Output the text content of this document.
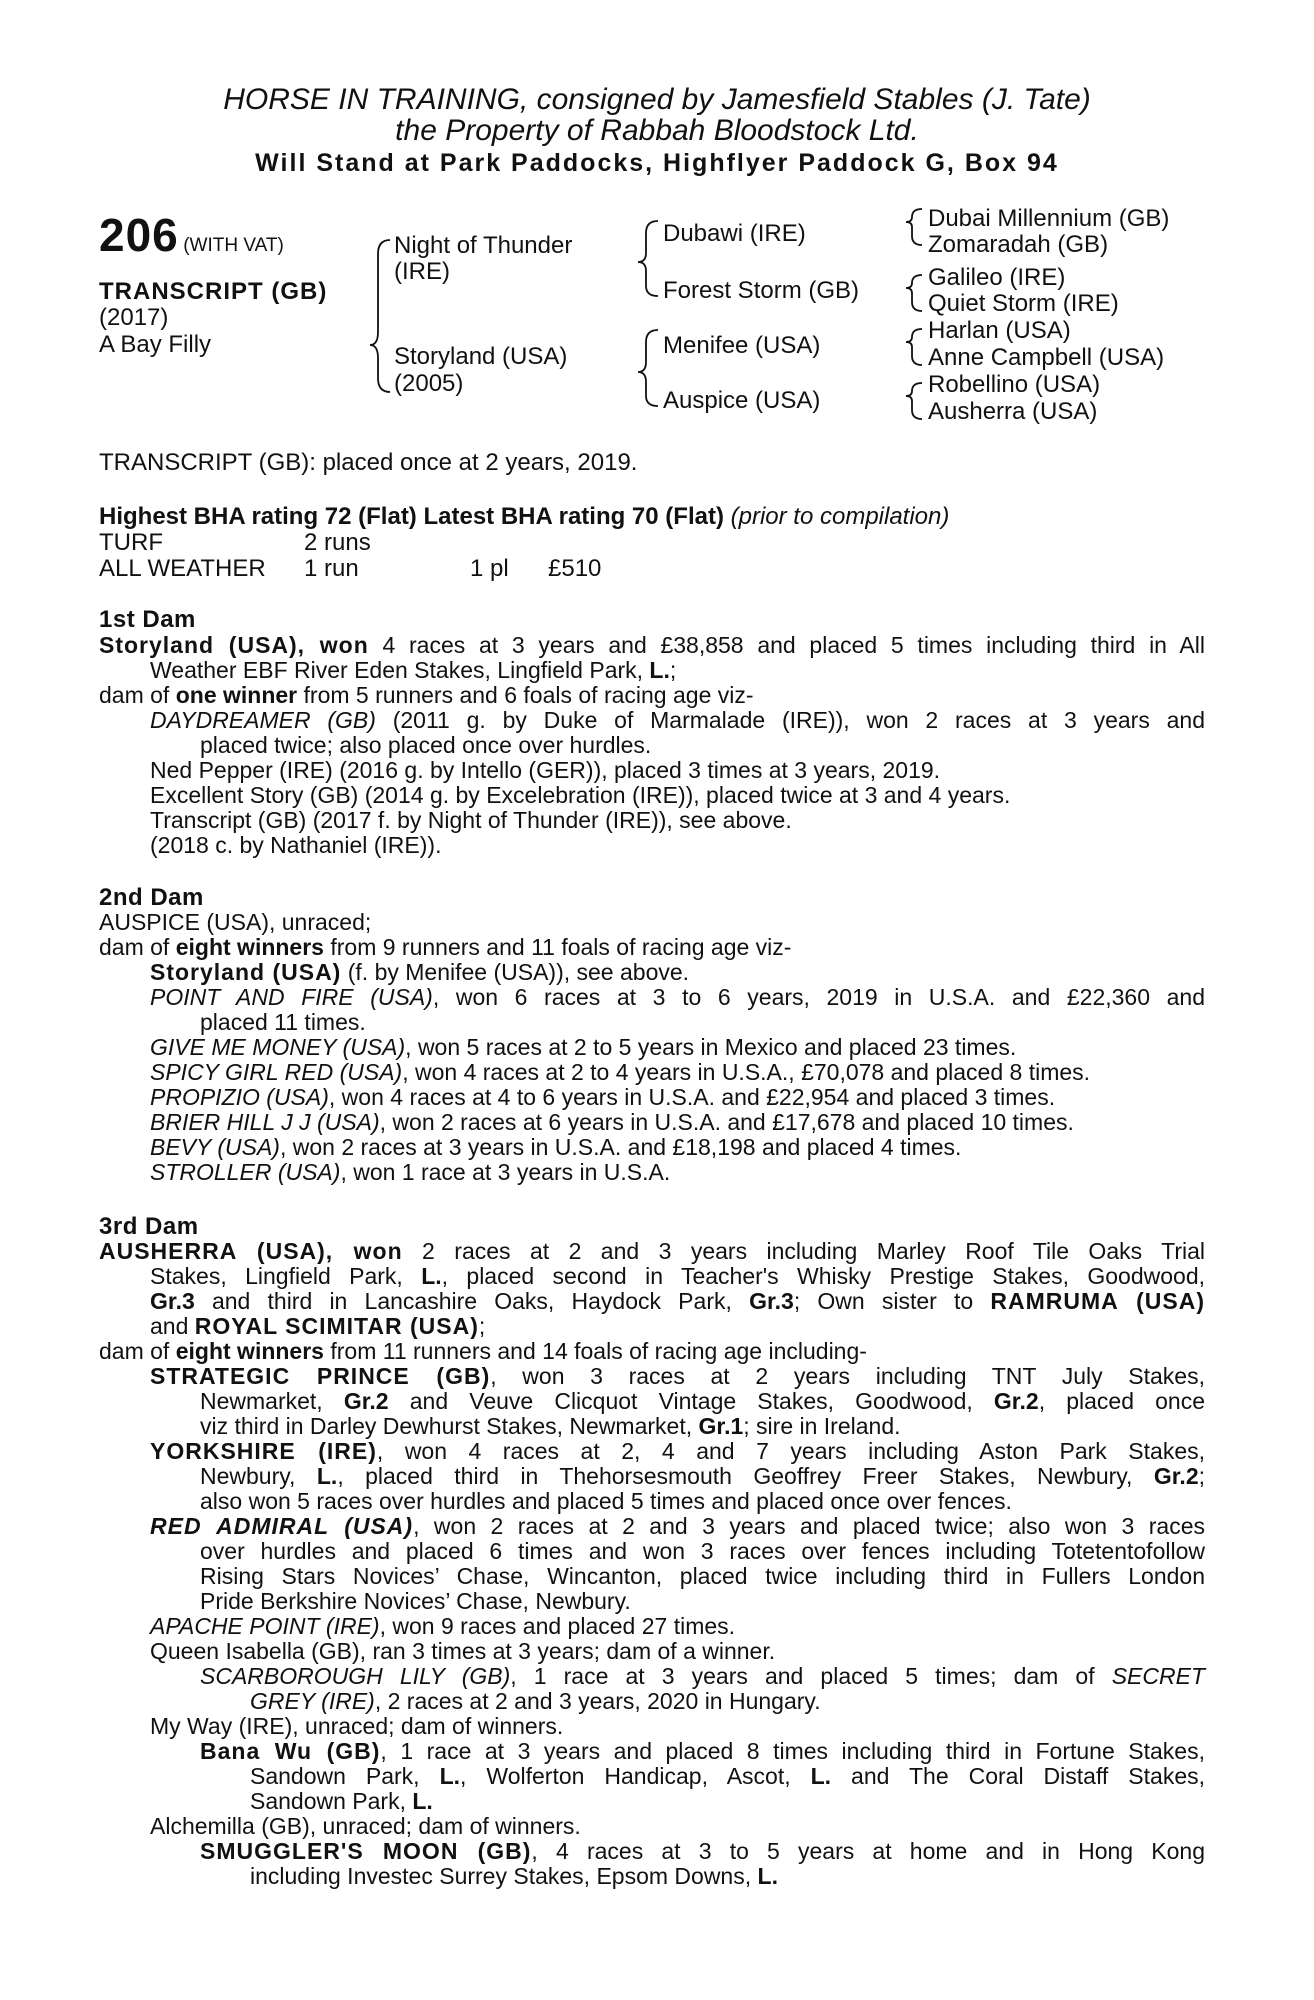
HORSE IN TRAINING, consigned by Jamesfield Stables (J. Tate)
the Property of Rabbah Bloodstock Ltd.
Will Stand at Park Paddocks, Highflyer Paddock G, Box 94
206 (WITH VAT)
TRANSCRIPT (GB)
(2017)
A Bay Filly
Night of Thunder
(IRE)
Storyland (USA)
(2005)
Dubawi (IRE)
Forest Storm (GB)
Menifee (USA)
Auspice (USA)
Dubai Millennium (GB)
Zomaradah (GB)
Galileo (IRE)
Quiet Storm (IRE)
Harlan (USA)
Anne Campbell (USA)
Robellino (USA)
Ausherra (USA)
TRANSCRIPT (GB): placed once at 2 years, 2019.
Highest BHA rating 72 (Flat) Latest BHA rating 70 (Flat) (prior to compilation)
TURF	2 runs
ALL WEATHER 1 run	1 pl £510
1st Dam
Storyland (USA), won 4 races at 3 years and £38,858 and placed 5 times including third in All
Weather EBF River Eden Stakes, Lingfield Park, L.;
dam of one winner from 5 runners and 6 foals of racing age viz-
DAYDREAMER (GB) (2011 g. by Duke of Marmalade (IRE)), won 2 races at 3 years and
placed twice; also placed once over hurdles.
Ned Pepper (IRE) (2016 g. by Intello (GER)), placed 3 times at 3 years, 2019.
Excellent Story (GB) (2014 g. by Excelebration (IRE)), placed twice at 3 and 4 years.
Transcript (GB) (2017 f. by Night of Thunder (IRE)), see above.
(2018 c. by Nathaniel (IRE)).
2nd Dam
AUSPICE (USA), unraced;
dam of eight winners from 9 runners and 11 foals of racing age viz-
Storyland (USA) (f. by Menifee (USA)), see above.
POINT AND FIRE (USA), won 6 races at 3 to 6 years, 2019 in U.S.A. and £22,360 and
placed 11 times.
GIVE ME MONEY (USA), won 5 races at 2 to 5 years in Mexico and placed 23 times.
SPICY GIRL RED (USA), won 4 races at 2 to 4 years in U.S.A., £70,078 and placed 8 times.
PROPIZIO (USA), won 4 races at 4 to 6 years in U.S.A. and £22,954 and placed 3 times.
BRIER HILL J J (USA), won 2 races at 6 years in U.S.A. and £17,678 and placed 10 times.
BEVY (USA), won 2 races at 3 years in U.S.A. and £18,198 and placed 4 times.
STROLLER (USA), won 1 race at 3 years in U.S.A.
3rd Dam
AUSHERRA (USA), won 2 races at 2 and 3 years including Marley Roof Tile Oaks Trial
Stakes, Lingfield Park, L., placed second in Teacher's Whisky Prestige Stakes, Goodwood,
Gr.3 and third in Lancashire Oaks, Haydock Park, Gr.3; Own sister to RAMRUMA (USA)
and ROYAL SCIMITAR (USA);
dam of eight winners from 11 runners and 14 foals of racing age including-
STRATEGIC PRINCE (GB), won 3 races at 2 years including TNT July Stakes,
Newmarket, Gr.2 and Veuve Clicquot Vintage Stakes, Goodwood, Gr.2, placed once
viz third in Darley Dewhurst Stakes, Newmarket, Gr.1; sire in Ireland.
YORKSHIRE (IRE), won 4 races at 2, 4 and 7 years including Aston Park Stakes,
Newbury, L., placed third in Thehorsesmouth Geoffrey Freer Stakes, Newbury, Gr.2;
also won 5 races over hurdles and placed 5 times and placed once over fences.
RED ADMIRAL (USA), won 2 races at 2 and 3 years and placed twice; also won 3 races
over hurdles and placed 6 times and won 3 races over fences including Totetentofollow
Rising Stars Novices’ Chase, Wincanton, placed twice including third in Fullers London
Pride Berkshire Novices’ Chase, Newbury.
APACHE POINT (IRE), won 9 races and placed 27 times.
Queen Isabella (GB), ran 3 times at 3 years; dam of a winner.
SCARBOROUGH LILY (GB), 1 race at 3 years and placed 5 times; dam of SECRET
GREY (IRE), 2 races at 2 and 3 years, 2020 in Hungary.
My Way (IRE), unraced; dam of winners.
Bana Wu (GB), 1 race at 3 years and placed 8 times including third in Fortune Stakes,
Sandown Park, L., Wolferton Handicap, Ascot, L. and The Coral Distaff Stakes,
Sandown Park, L.
Alchemilla (GB), unraced; dam of winners.
SMUGGLER'S MOON (GB), 4 races at 3 to 5 years at home and in Hong Kong
including Investec Surrey Stakes, Epsom Downs, L.
